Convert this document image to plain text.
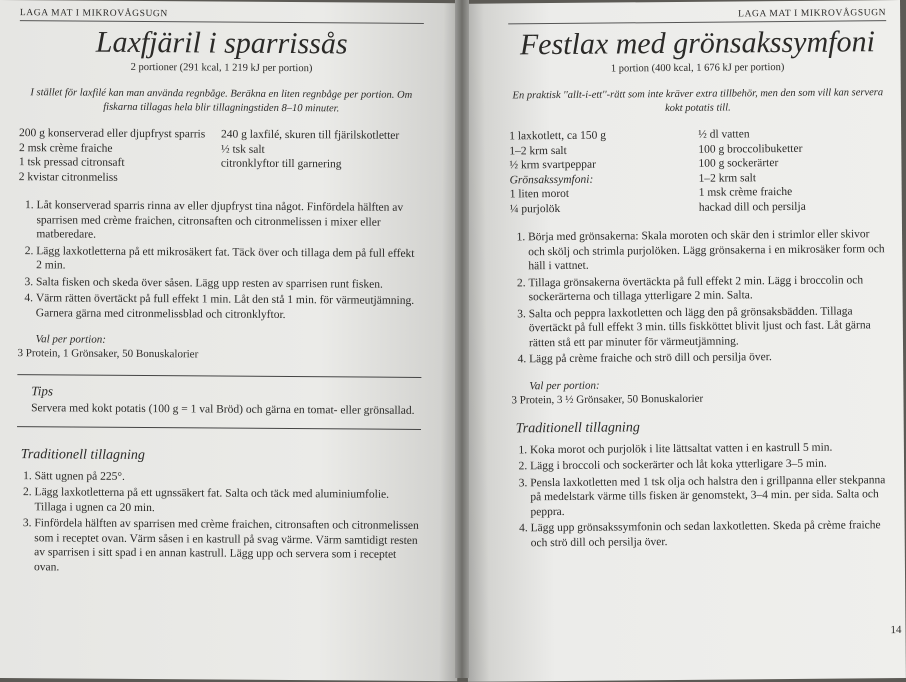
LAGA MAT I MIKROVÅGSUGN
Laxfjäril i sparrissås
2 portioner (291 kcal, 1 219 kJ per portion)
I stället för laxfilé kan man använda regnbåge. Beräkna en liten regnbåge per portion. Om fiskarna tillagas hela blir tillagningstiden 8–10 minuter.
200 g konserverad eller djupfryst sparris
2 msk crème fraiche
1 tsk pressad citronsaft
2 kvistar citronmeliss
240 g laxfilé, skuren till fjärilskotletter
½ tsk salt
citronklyftor till garnering
1. Låt konserverad sparris rinna av eller djupfryst tina något. Finfördela hälften av sparrisen med crème fraichen, citronsaften och citronmelissen i mixer eller matberedare.
2. Lägg laxkotletterna på ett mikrosäkert fat. Täck över och tillaga dem på full effekt 2 min.
3. Salta fisken och skeda över såsen. Lägg upp resten av sparrisen runt fisken.
4. Värm rätten övertäckt på full effekt 1 min. Låt den stå 1 min. för värmeutjämning. Garnera gärna med citronmelissblad och citronklyftor.
Val per portion:
3 Protein, 1 Grönsaker, 50 Bonuskalorier
Tips
Servera med kokt potatis (100 g = 1 val Bröd) och gärna en tomat- eller grönsallad.
Traditionell tillagning
1. Sätt ugnen på 225°.
2. Lägg laxkotletterna på ett ugnssäkert fat. Salta och täck med aluminiumfolie. Tillaga i ugnen ca 20 min.
3. Finfördela hälften av sparrisen med crème fraichen, citronsaften och citronmelissen som i receptet ovan. Värm såsen i en kastrull på svag värme. Värm samtidigt resten av sparrisen i sitt spad i en annan kastrull. Lägg upp och servera som i receptet ovan.
LAGA MAT I MIKROVÅGSUGN
Festlax med grönsakssymfoni
1 portion (400 kcal, 1 676 kJ per portion)
En praktisk ''allt-i-ett''-rätt som inte kräver extra tillbehör, men den som vill kan servera kokt potatis till.
1 laxkotlett, ca 150 g
1–2 krm salt
½ krm svartpeppar
Grönsakssymfoni:
1 liten morot
¼ purjolök
½ dl vatten
100 g broccolibuketter
100 g sockerärter
1–2 krm salt
1 msk crème fraiche
hackad dill och persilja
1. Börja med grönsakerna: Skala moroten och skär den i strimlor eller skivor och skölj och strimla purjolöken. Lägg grönsakerna i en mikrosäker form och häll i vattnet.
2. Tillaga grönsakerna övertäckta på full effekt 2 min. Lägg i broccolin och sockerärterna och tillaga ytterligare 2 min. Salta.
3. Salta och peppra laxkotletten och lägg den på grönsaksbädden. Tillaga övertäckt på full effekt 3 min. tills fiskköttet blivit ljust och fast. Låt gärna rätten stå ett par minuter för värmeutjämning.
4. Lägg på crème fraiche och strö dill och persilja över.
Val per portion:
3 Protein, 3 ½ Grönsaker, 50 Bonuskalorier
Traditionell tillagning
1. Koka morot och purjolök i lite lättsaltat vatten i en kastrull 5 min.
2. Lägg i broccoli och sockerärter och låt koka ytterligare 3–5 min.
3. Pensla laxkotletten med 1 tsk olja och halstra den i grillpanna eller stekpanna på medelstark värme tills fisken är genomstekt, 3–4 min. per sida. Salta och peppra.
4. Lägg upp grönsakssymfonin och sedan laxkotletten. Skeda på crème fraiche och strö dill och persilja över.
14
